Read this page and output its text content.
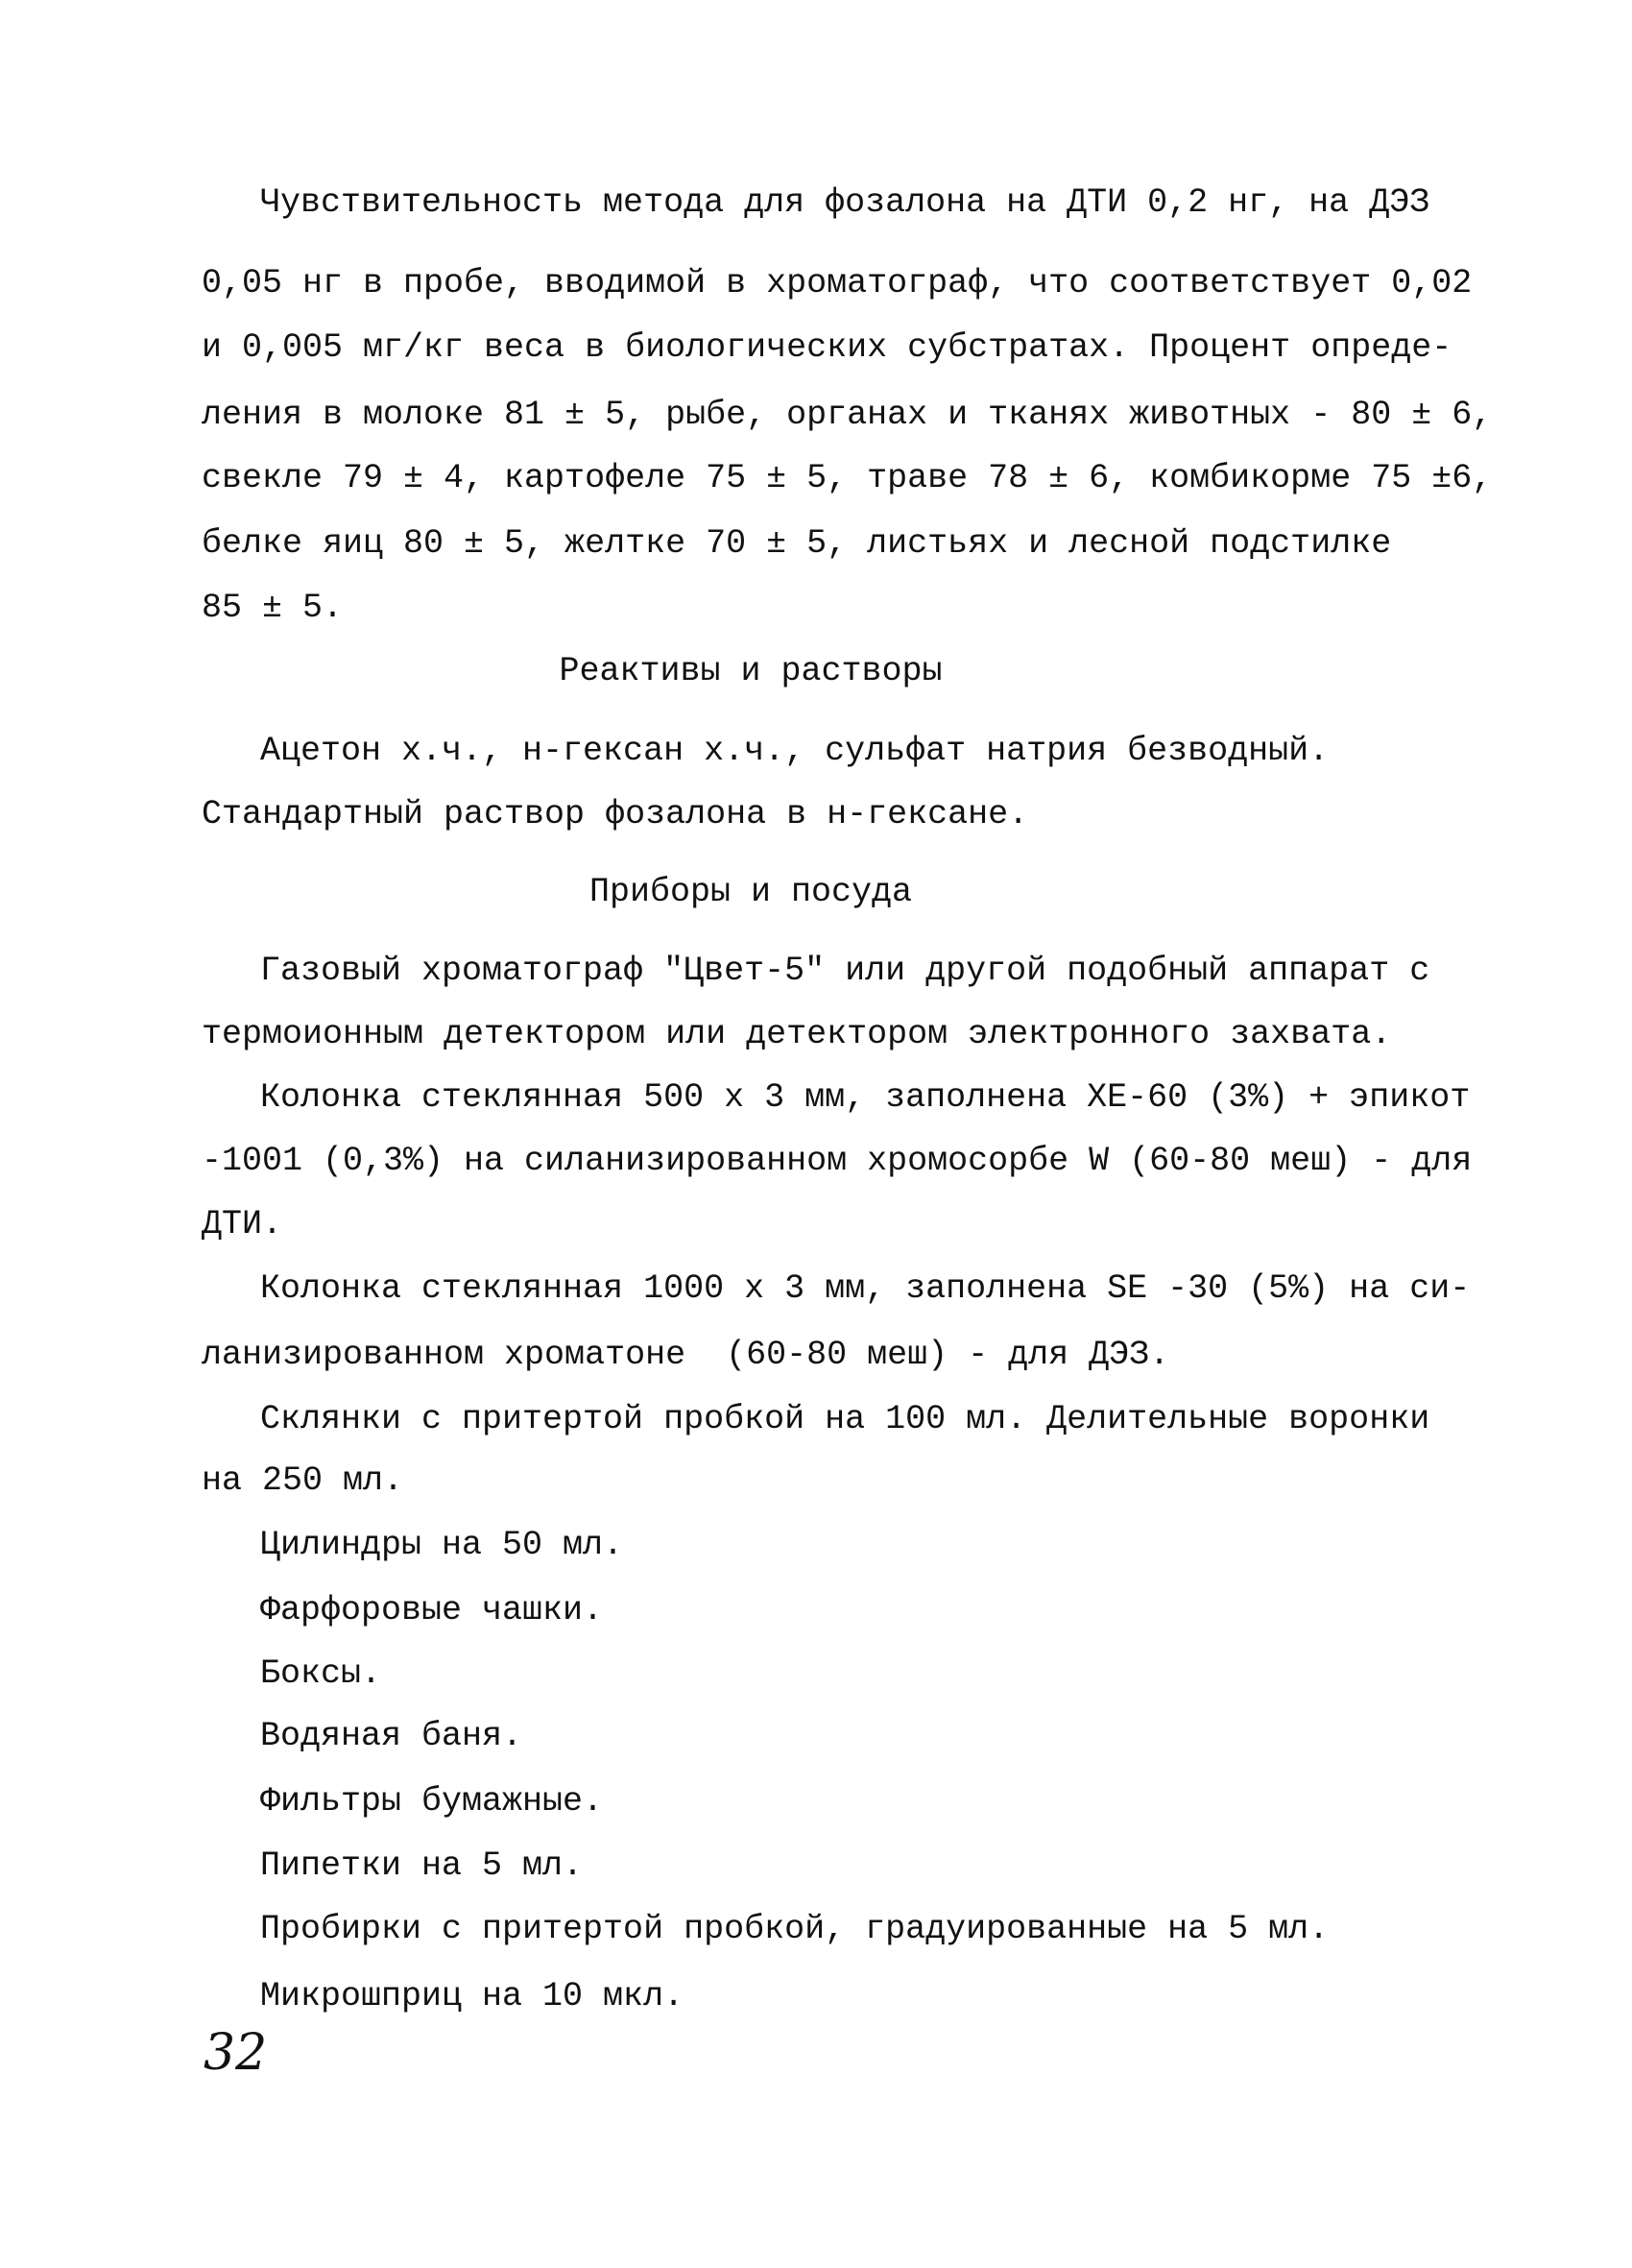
Чувствительность метода для фозалона на ДТИ 0,2 нг, на ДЭЗ
0,05 нг в пробе, вводимой в хроматограф, что соответствует 0,02
и 0,005 мг/кг веса в биологических субстратах. Процент опреде-
ления в молоке 81 ± 5, рыбе, органах и тканях животных - 80 ± 6,
свекле 79 ± 4, картофеле 75 ± 5, траве 78 ± 6, комбикорме 75 ±6,
белке яиц 80 ± 5, желтке 70 ± 5, листьях и лесной подстилке
85 ± 5.
Реактивы и растворы
Ацетон х.ч., н-гексан х.ч., сульфат натрия безводный.
Стандартный раствор фозалона в н-гексане.
Приборы и посуда
Газовый хроматограф "Цвет-5" или другой подобный аппарат с
термоионным детектором или детектором электронного захвата.
Колонка стеклянная 500 х 3 мм, заполнена ХЕ-60 (3%) + эпикот
-1001 (0,3%) на силанизированном хромосорбе W (60-80 меш) - для
ДТИ.
Колонка стеклянная 1000 х 3 мм, заполнена SE -30 (5%) на си-
ланизированном хроматоне  (60-80 меш) - для ДЭЗ.
Склянки с притертой пробкой на 100 мл. Делительные воронки
на 250 мл.
Цилиндры на 50 мл.
Фарфоровые чашки.
Боксы.
Водяная баня.
Фильтры бумажные.
Пипетки на 5 мл.
Пробирки с притертой пробкой, градуированные на 5 мл.
Микрошприц на 10 мкл.
32
